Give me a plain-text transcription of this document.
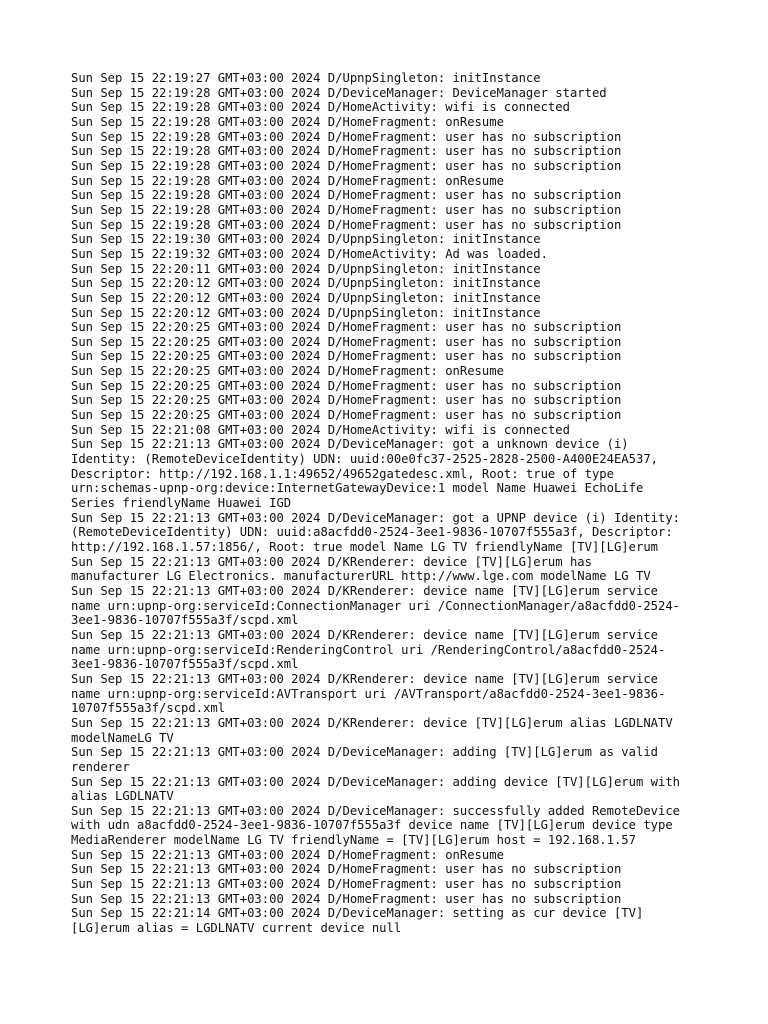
Sun Sep 15 22:19:27 GMT+03:00 2024 D/UpnpSingleton: initInstance
Sun Sep 15 22:19:28 GMT+03:00 2024 D/DeviceManager: DeviceManager started
Sun Sep 15 22:19:28 GMT+03:00 2024 D/HomeActivity: wifi is connected
Sun Sep 15 22:19:28 GMT+03:00 2024 D/HomeFragment: onResume
Sun Sep 15 22:19:28 GMT+03:00 2024 D/HomeFragment: user has no subscription
Sun Sep 15 22:19:28 GMT+03:00 2024 D/HomeFragment: user has no subscription
Sun Sep 15 22:19:28 GMT+03:00 2024 D/HomeFragment: user has no subscription
Sun Sep 15 22:19:28 GMT+03:00 2024 D/HomeFragment: onResume
Sun Sep 15 22:19:28 GMT+03:00 2024 D/HomeFragment: user has no subscription
Sun Sep 15 22:19:28 GMT+03:00 2024 D/HomeFragment: user has no subscription
Sun Sep 15 22:19:28 GMT+03:00 2024 D/HomeFragment: user has no subscription
Sun Sep 15 22:19:30 GMT+03:00 2024 D/UpnpSingleton: initInstance
Sun Sep 15 22:19:32 GMT+03:00 2024 D/HomeActivity: Ad was loaded.
Sun Sep 15 22:20:11 GMT+03:00 2024 D/UpnpSingleton: initInstance
Sun Sep 15 22:20:12 GMT+03:00 2024 D/UpnpSingleton: initInstance
Sun Sep 15 22:20:12 GMT+03:00 2024 D/UpnpSingleton: initInstance
Sun Sep 15 22:20:12 GMT+03:00 2024 D/UpnpSingleton: initInstance
Sun Sep 15 22:20:25 GMT+03:00 2024 D/HomeFragment: user has no subscription
Sun Sep 15 22:20:25 GMT+03:00 2024 D/HomeFragment: user has no subscription
Sun Sep 15 22:20:25 GMT+03:00 2024 D/HomeFragment: user has no subscription
Sun Sep 15 22:20:25 GMT+03:00 2024 D/HomeFragment: onResume
Sun Sep 15 22:20:25 GMT+03:00 2024 D/HomeFragment: user has no subscription
Sun Sep 15 22:20:25 GMT+03:00 2024 D/HomeFragment: user has no subscription
Sun Sep 15 22:20:25 GMT+03:00 2024 D/HomeFragment: user has no subscription
Sun Sep 15 22:21:08 GMT+03:00 2024 D/HomeActivity: wifi is connected
Sun Sep 15 22:21:13 GMT+03:00 2024 D/DeviceManager: got a unknown device (i)
Identity: (RemoteDeviceIdentity) UDN: uuid:00e0fc37-2525-2828-2500-A400E24EA537,
Descriptor: http://192.168.1.1:49652/49652gatedesc.xml, Root: true of type
urn:schemas-upnp-org:device:InternetGatewayDevice:1 model Name Huawei EchoLife
Series friendlyName Huawei IGD
Sun Sep 15 22:21:13 GMT+03:00 2024 D/DeviceManager: got a UPNP device (i) Identity:
(RemoteDeviceIdentity) UDN: uuid:a8acfdd0-2524-3ee1-9836-10707f555a3f, Descriptor:
http://192.168.1.57:1856/, Root: true model Name LG TV friendlyName [TV][LG]erum
Sun Sep 15 22:21:13 GMT+03:00 2024 D/KRenderer: device [TV][LG]erum has
manufacturer LG Electronics. manufacturerURL http://www.lge.com modelName LG TV
Sun Sep 15 22:21:13 GMT+03:00 2024 D/KRenderer: device name [TV][LG]erum service
name urn:upnp-org:serviceId:ConnectionManager uri /ConnectionManager/a8acfdd0-2524-
3ee1-9836-10707f555a3f/scpd.xml
Sun Sep 15 22:21:13 GMT+03:00 2024 D/KRenderer: device name [TV][LG]erum service
name urn:upnp-org:serviceId:RenderingControl uri /RenderingControl/a8acfdd0-2524-
3ee1-9836-10707f555a3f/scpd.xml
Sun Sep 15 22:21:13 GMT+03:00 2024 D/KRenderer: device name [TV][LG]erum service
name urn:upnp-org:serviceId:AVTransport uri /AVTransport/a8acfdd0-2524-3ee1-9836-
10707f555a3f/scpd.xml
Sun Sep 15 22:21:13 GMT+03:00 2024 D/KRenderer: device [TV][LG]erum alias LGDLNATV
modelNameLG TV
Sun Sep 15 22:21:13 GMT+03:00 2024 D/DeviceManager: adding [TV][LG]erum as valid
renderer
Sun Sep 15 22:21:13 GMT+03:00 2024 D/DeviceManager: adding device [TV][LG]erum with
alias LGDLNATV
Sun Sep 15 22:21:13 GMT+03:00 2024 D/DeviceManager: successfully added RemoteDevice
with udn a8acfdd0-2524-3ee1-9836-10707f555a3f device name [TV][LG]erum device type
MediaRenderer modelName LG TV friendlyName = [TV][LG]erum host = 192.168.1.57
Sun Sep 15 22:21:13 GMT+03:00 2024 D/HomeFragment: onResume
Sun Sep 15 22:21:13 GMT+03:00 2024 D/HomeFragment: user has no subscription
Sun Sep 15 22:21:13 GMT+03:00 2024 D/HomeFragment: user has no subscription
Sun Sep 15 22:21:13 GMT+03:00 2024 D/HomeFragment: user has no subscription
Sun Sep 15 22:21:14 GMT+03:00 2024 D/DeviceManager: setting as cur device [TV]
[LG]erum alias = LGDLNATV current device null
